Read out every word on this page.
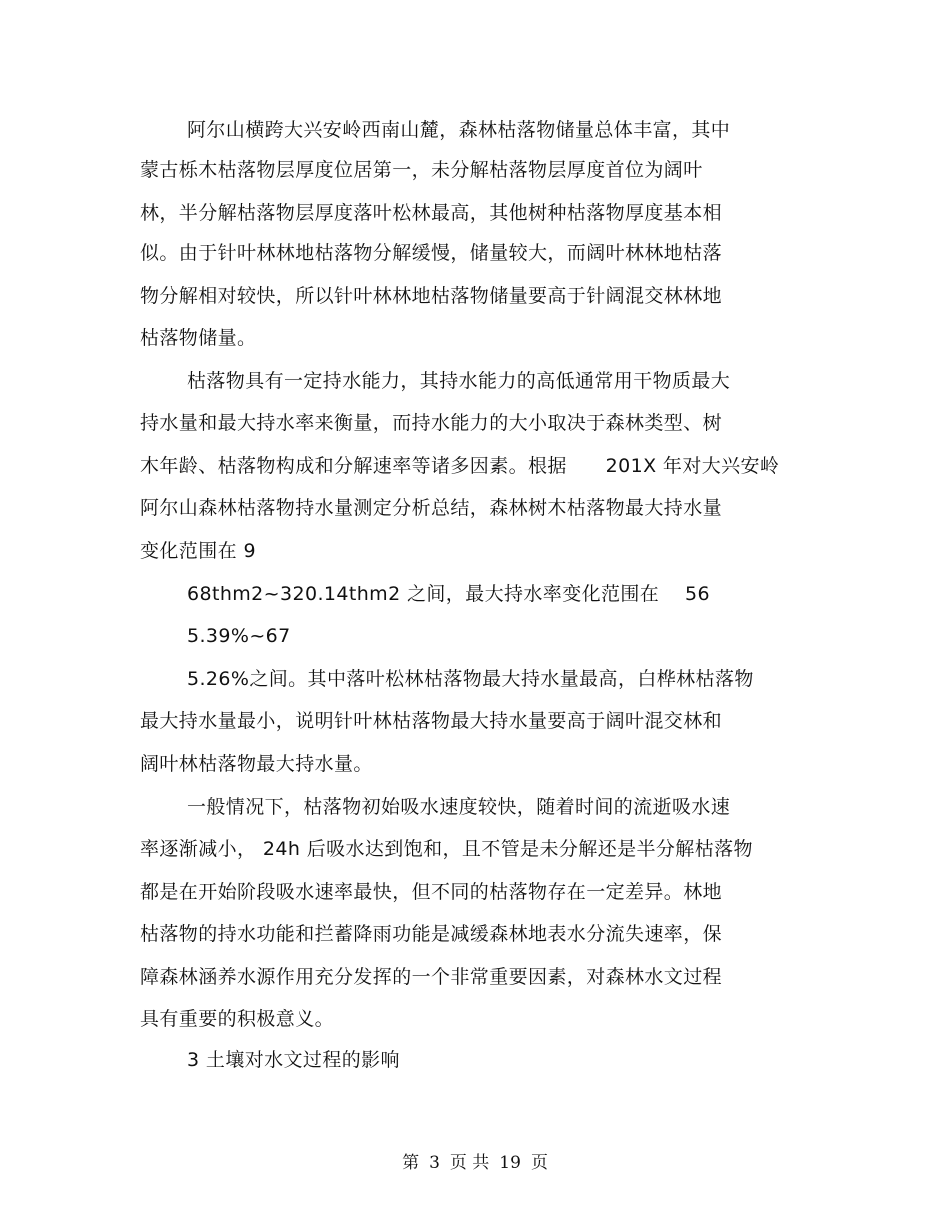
阿尔山横跨大兴安岭西南山麓，森林枯落物储量总体丰富，其中
蒙古栎木枯落物层厚度位居第一，未分解枯落物层厚度首位为阔叶
林，半分解枯落物层厚度落叶松林最高，其他树种枯落物厚度基本相
似。由于针叶林林地枯落物分解缓慢，储量较大，而阔叶林林地枯落
物分解相对较快，所以针叶林林地枯落物储量要高于针阔混交林林地
枯落物储量。
枯落物具有一定持水能力，其持水能力的高低通常用干物质最大
持水量和最大持水率来衡量，而持水能力的大小取决于森林类型、树
木年龄、枯落物构成和分解速率等诸多因素。根据　　201X 年对大兴安岭
阿尔山森林枯落物持水量测定分析总结，森林树木枯落物最大持水量
变化范围在 9
68thm2~320.14thm2 之间，最大持水率变化范围在　 56
5.39%~67
5.26%之间。其中落叶松林枯落物最大持水量最高，白桦林枯落物
最大持水量最小，说明针叶林枯落物最大持水量要高于阔叶混交林和
阔叶林枯落物最大持水量。
一般情况下，枯落物初始吸水速度较快，随着时间的流逝吸水速
率逐渐减小， 24h 后吸水达到饱和，且不管是未分解还是半分解枯落物
都是在开始阶段吸水速率最快，但不同的枯落物存在一定差异。林地
枯落物的持水功能和拦蓄降雨功能是减缓森林地表水分流失速率，保
障森林涵养水源作用充分发挥的一个非常重要因素，对森林水文过程
具有重要的积极意义。
3 土壤对水文过程的影响
第 3 页 共 19 页
